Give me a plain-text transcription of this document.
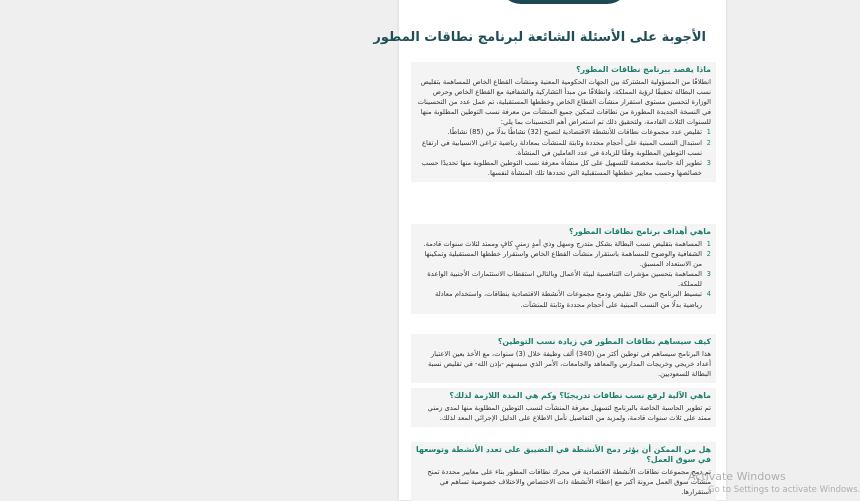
الأجوبة على الأسئلة الشائعة لبرنامج نطاقات المطور
ماذا يقصد ببرنامج نطاقات المطور؟
انطلاقًا من المسؤولية المشتركة بين الجهات الحكومية المعنية ومنشآت القطاع الخاص للمساهمة بتقليص نسب البطالة تحقيقًا لرؤية المملكة، وانطلاقًا من مبدأ التشاركية والشفافية مع القطاع الخاص وحرص الوزارة لتحسين مستوى استقرار منشآت القطاع الخاص وخططها المستقبلية، تم عمل عدد من التحسينات في النسخة الجديدة المطورة من نطاقات لتمكين جميع المنشآت من معرفة نسب التوطين المطلوبة منها للسنوات الثلاث القادمة، ولتحقيق ذلك تم استعراض أهم التحسينات بما يلي:
1
تقليص عدد مجموعات نطاقات للأنشطة الاقتصادية لتصبح (32) نشاطًا بدلًا من (85) نشاطًا.
2
استبدال النسب المبنية على أحجام محددة وثابتة للمنشآت بمعادلة رياضية تراعي الانسيابية في ارتفاع نسب التوطين المطلوبة وفقًا للزيادة في عدد العاملين في المنشأة.
3
تطوير آلة حاسبة مخصصة للتسهيل على كل منشأة معرفة نسب التوطين المطلوبة منها تحديدًا حسب خصائصها وحسب معايير خططها المستقبلية التي تحددها تلك المنشأة لنفسها.
ماهي أهداف برنامج نطاقات المطور؟
1
المساهمة بتقليص نسب البطالة بشكل متدرج وسهل وذي أمدٍ زمنيٍ كافٍ وممتد لثلاث سنوات قادمة.
2
الشفافية والوضوح للمساهمة باستقرار منشآت القطاع الخاص واستقرار خططها المستقبلية وتمكينها من الاستعداد المسبق.
3
المساهمة بتحسين مؤشرات التنافسية لبيئة الأعمال وبالتالي استقطاب الاستثمارات الأجنبية الواعدة للمملكة.
4
تبسيط البرنامج من خلال تقليص ودمج مجموعات الأنشطة الاقتصادية بنطاقات، واستخدام معادلة رياضية بدلًا من النسب المبنية على أحجام محددة وثابتة للمنشآت.
كيف سيساهم نطاقات المطور في زيادة نسب التوطين؟
هذا البرنامج سيساهم في توطين أكثر من (340) ألف وظيفة خلال (3) سنوات، مع الأخذ بعين الاعتبار أعداد خريجي وخريجات المدارس والمعاهد والجامعات، الأمر الذي سيسهم -بإذن الله- في تقليص نسبة البطالة للسعوديين.
ماهي الآلية لرفع نسب نطاقات تدريجيًا؟ وكم هي المدة اللازمة لذلك؟
تم تطوير الحاسبة الخاصة بالبرنامج لتسهيل معرفة المنشآت لنسب التوطين المطلوبة منها لمدى زمني ممتد على ثلاث سنوات قادمة، ولمزيد من التفاصيل نأمل الاطلاع على الدليل الإجرائي المعد لذلك.
هل من الممكن أن يؤثر دمج الأنشطة في التضييق على تعدد الأنشطة وتوسعها في سوق العمل؟
تم دمج مجموعات نطاقات الأنشطة الاقتصادية في محرك نطاقات المطور بناء على معايير محددة تمنح منشآت سوق العمل مرونة أكبر مع إعطاء الأنشطة ذات الاختصاص والاختلاف خصوصية تساهم في استقرارها.
Activate Windows
Go to Settings to activate Windows.
